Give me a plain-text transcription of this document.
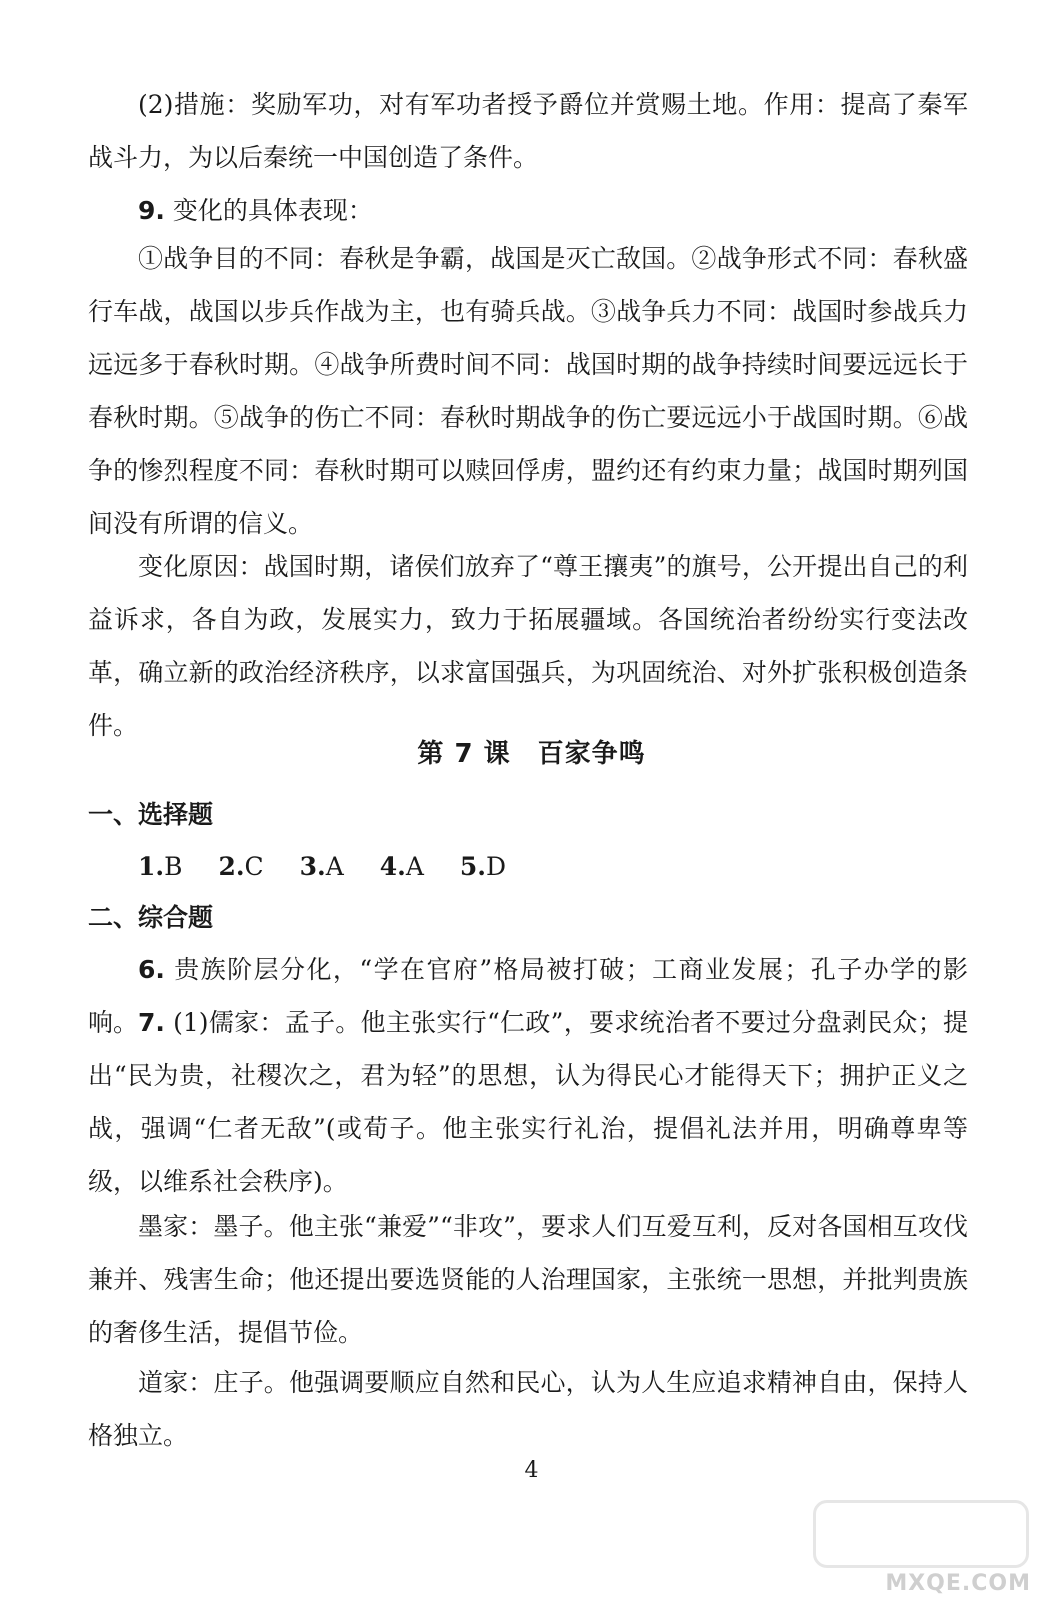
(2)措施：奖励军功，对有军功者授予爵位并赏赐土地。作用：提高了秦军战斗力，为以后秦统一中国创造了条件。

9. 变化的具体表现：

①战争目的不同：春秋是争霸，战国是灭亡敌国。②战争形式不同：春秋盛行车战，战国以步兵作战为主，也有骑兵战。③战争兵力不同：战国时参战兵力远远多于春秋时期。④战争所费时间不同：战国时期的战争持续时间要远远长于春秋时期。⑤战争的伤亡不同：春秋时期战争的伤亡要远远小于战国时期。⑥战争的惨烈程度不同：春秋时期可以赎回俘虏，盟约还有约束力量；战国时期列国间没有所谓的信义。

变化原因：战国时期，诸侯们放弃了“尊王攘夷”的旗号，公开提出自己的利益诉求，各自为政，发展实力，致力于拓展疆域。各国统治者纷纷实行变法改革，确立新的政治经济秩序，以求富国强兵，为巩固统治、对外扩张积极创造条件。

第 7 课　百家争鸣
一、选择题

1.B 2.C 3.A 4.A 5.D

二、综合题

6. 贵族阶层分化，“学在官府”格局被打破；工商业发展；孔子办学的影响。 7. (1)儒家：孟子。他主张实行“仁政”，要求统治者不要过分盘剥民众；提出“民为贵，社稷次之，君为轻”的思想，认为得民心才能得天下；拥护正义之战，强调“仁者无敌”(或荀子。他主张实行礼治，提倡礼法并用，明确尊卑等级，以维系社会秩序)。

墨家：墨子。他主张“兼爱”“非攻”，要求人们互爱互利，反对各国相互攻伐兼并、残害生命；他还提出要选贤能的人治理国家，主张统一思想，并批判贵族的奢侈生活，提倡节俭。

道家：庄子。他强调要顺应自然和民心，认为人生应追求精神自由，保持人格独立。

4

MXQE.COM
